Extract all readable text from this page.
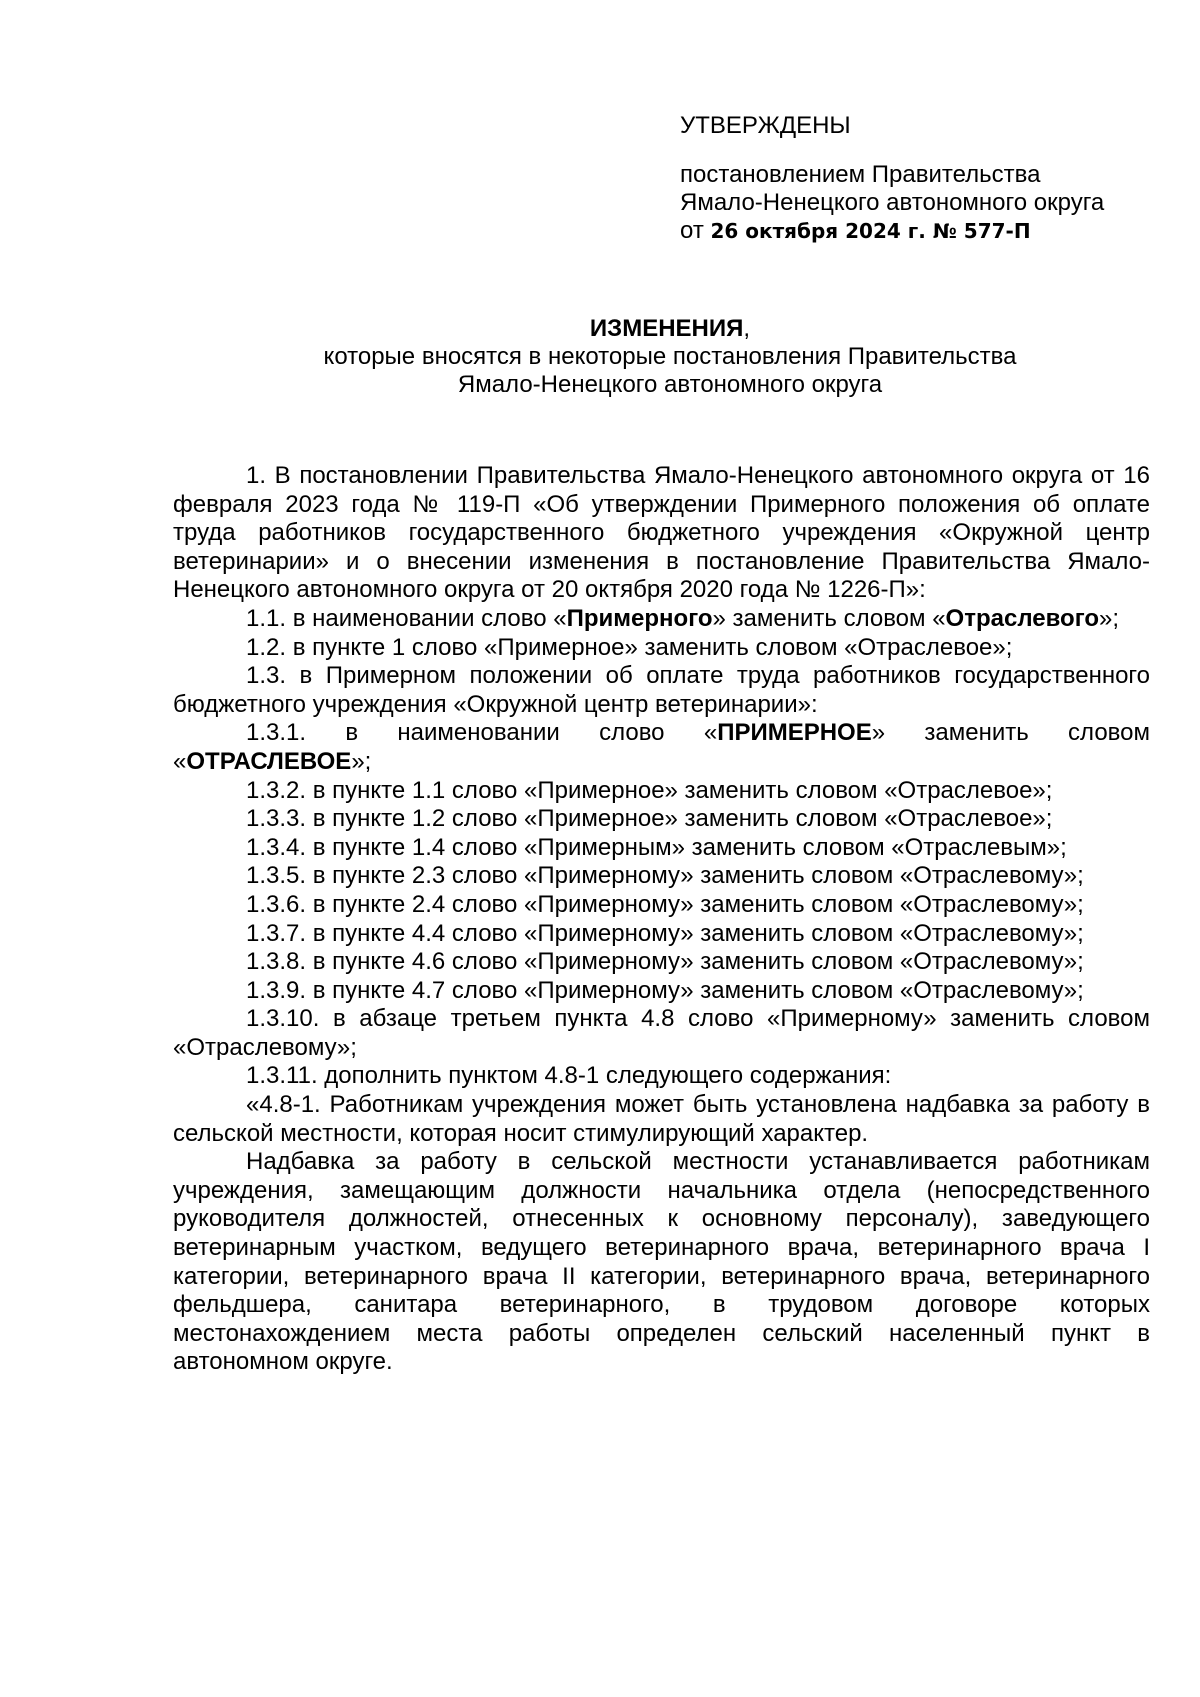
УТВЕРЖДЕНЫ

постановлением Правительства

Ямало-Ненецкого автономного округа

от 26 октября 2024 г. № 577-П

ИЗМЕНЕНИЯ,

которые вносятся в некоторые постановления Правительства

Ямало-Ненецкого автономного округа

1. В постановлении Правительства Ямало-Ненецкого автономного округа от 16 февраля 2023 года № 119-П «Об утверждении Примерного положения об оплате труда работников государственного бюджетного учреждения «Окружной центр ветеринарии» и о внесении изменения в постановление Правительства Ямало-Ненецкого автономного округа от 20 октября 2020 года № 1226-П»:

1.1. в наименовании слово «Примерного» заменить словом «Отраслевого»;

1.2. в пункте 1 слово «Примерное» заменить словом «Отраслевое»;

1.3. в Примерном положении об оплате труда работников государственного бюджетного учреждения «Окружной центр ветеринарии»:

1.3.1. в наименовании слово «ПРИМЕРНОЕ» заменить словом «ОТРАСЛЕВОЕ»;

1.3.2. в пункте 1.1 слово «Примерное» заменить словом «Отраслевое»;

1.3.3. в пункте 1.2 слово «Примерное» заменить словом «Отраслевое»;

1.3.4. в пункте 1.4 слово «Примерным» заменить словом «Отраслевым»;

1.3.5. в пункте 2.3 слово «Примерному» заменить словом «Отраслевому»;

1.3.6. в пункте 2.4 слово «Примерному» заменить словом «Отраслевому»;

1.3.7. в пункте 4.4 слово «Примерному» заменить словом «Отраслевому»;

1.3.8. в пункте 4.6 слово «Примерному» заменить словом «Отраслевому»;

1.3.9. в пункте 4.7 слово «Примерному» заменить словом «Отраслевому»;

1.3.10. в абзаце третьем пункта 4.8 слово «Примерному» заменить словом «Отраслевому»;

1.3.11. дополнить пунктом 4.8-1 следующего содержания:

«4.8-1. Работникам учреждения может быть установлена надбавка за работу в сельской местности, которая носит стимулирующий характер.

Надбавка за работу в сельской местности устанавливается работникам учреждения, замещающим должности начальника отдела (непосредственного руководителя должностей, отнесенных к основному персоналу), заведующего ветеринарным участком, ведущего ветеринарного врача, ветеринарного врача I категории, ветеринарного врача II категории, ветеринарного врача, ветеринарного фельдшера, санитара ветеринарного, в трудовом договоре которых местонахождением места работы определен сельский населенный пункт в автономном округе.
